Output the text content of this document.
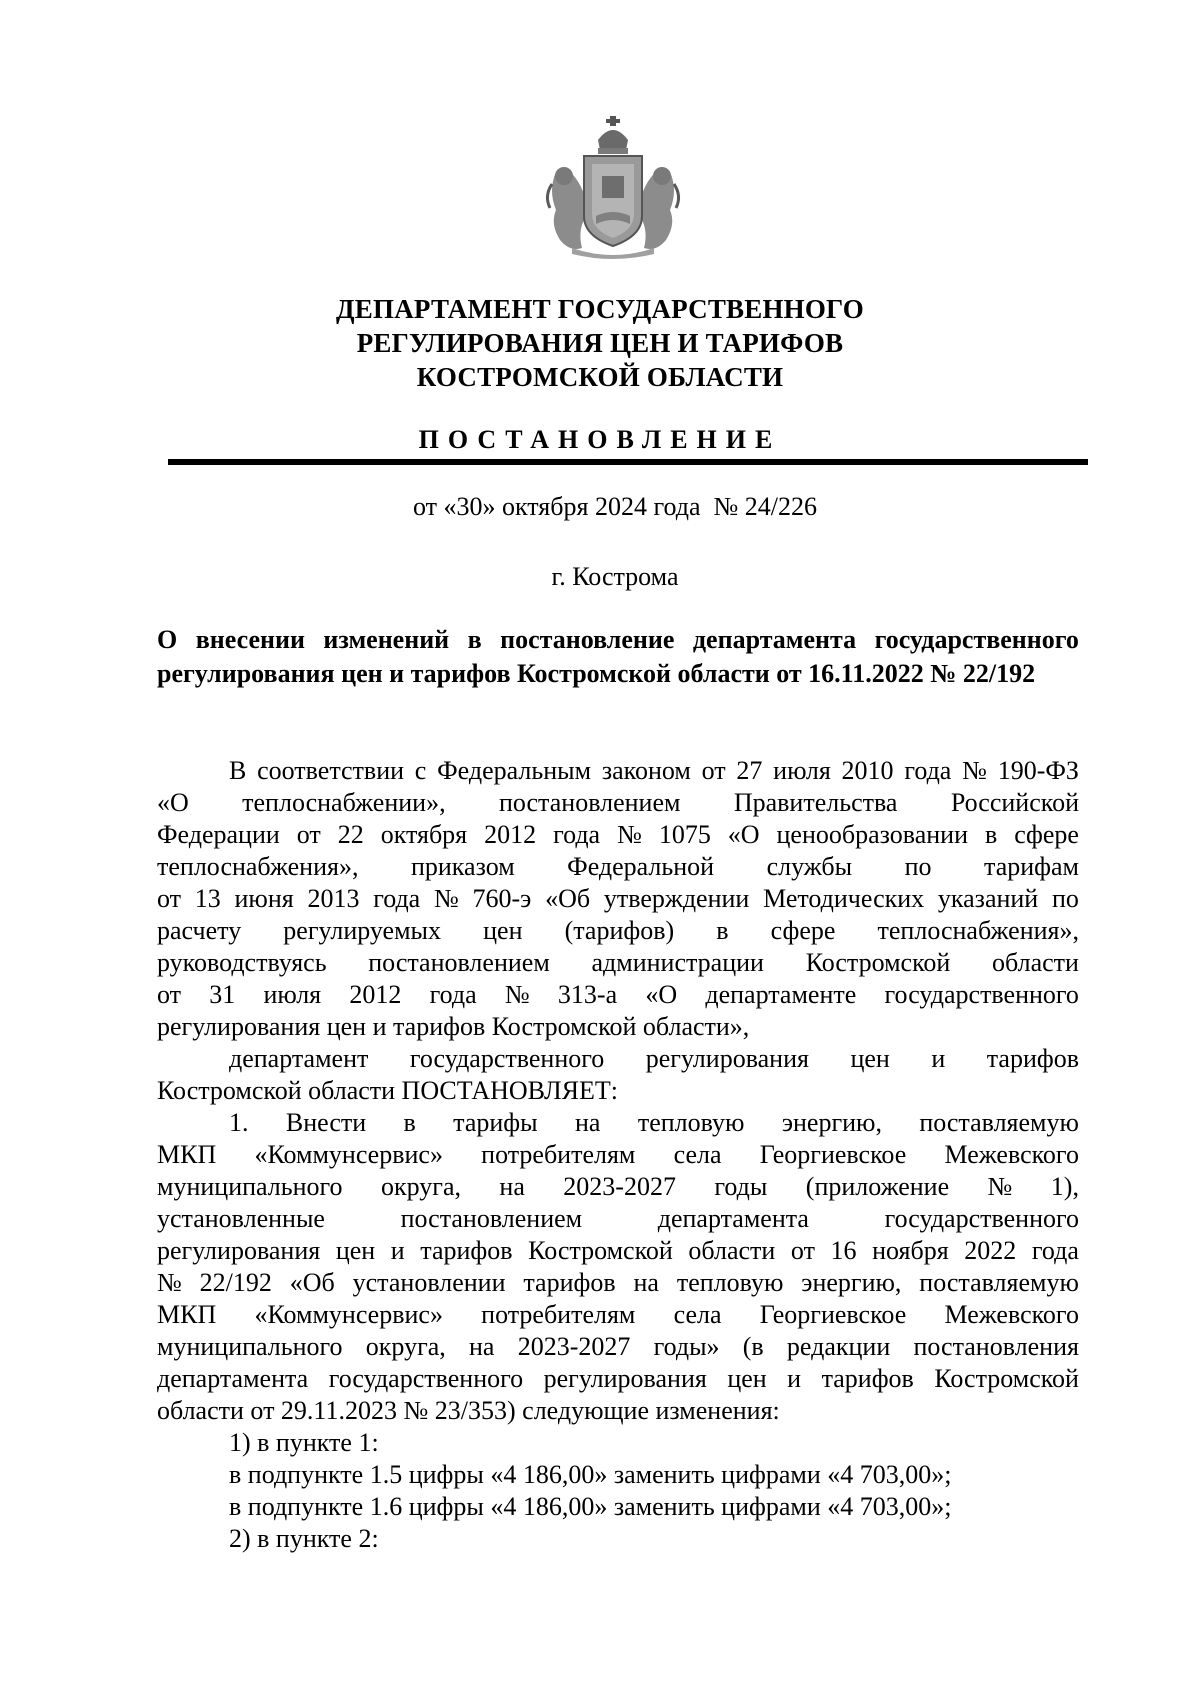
ДЕПАРТАМЕНТ ГОСУДАРСТВЕННОГО
РЕГУЛИРОВАНИЯ ЦЕН И ТАРИФОВ
КОСТРОМСКОЙ ОБЛАСТИ
ПОСТАНОВЛЕНИЕ
от «30» октября 2024 года  № 24/226
г. Кострома
О внесении изменений в постановление департамента государственного
регулирования цен и тарифов Костромской области от 16.11.2022 № 22/192
В соответствии с Федеральным законом от 27 июля 2010 года № 190-ФЗ
«О теплоснабжении», постановлением Правительства Российской
Федерации от 22 октября 2012 года № 1075 «О ценообразовании в сфере
теплоснабжения», приказом Федеральной службы по тарифам
от 13 июня 2013 года № 760-э «Об утверждении Методических указаний по
расчету регулируемых цен (тарифов) в сфере теплоснабжения»,
руководствуясь постановлением администрации Костромской области
от 31 июля 2012 года № 313-а «О департаменте государственного
регулирования цен и тарифов Костромской области»,
департамент государственного регулирования цен и тарифов
Костромской области ПОСТАНОВЛЯЕТ:
1. Внести в тарифы на тепловую энергию, поставляемую
МКП «Коммунсервис» потребителям села Георгиевское Межевского
муниципального округа, на 2023-2027 годы (приложение № 1),
установленные	постановлением	департамента	государственного
регулирования цен и тарифов Костромской области от 16 ноября 2022 года
№ 22/192 «Об установлении тарифов на тепловую энергию, поставляемую
МКП «Коммунсервис» потребителям села Георгиевское Межевского
муниципального округа, на 2023-2027 годы» (в редакции постановления
департамента государственного регулирования цен и тарифов Костромской
области от 29.11.2023 № 23/353) следующие изменения:
1) в пункте 1:
в подпункте 1.5 цифры «4 186,00» заменить цифрами «4 703,00»;
в подпункте 1.6 цифры «4 186,00» заменить цифрами «4 703,00»;
2) в пункте 2:
